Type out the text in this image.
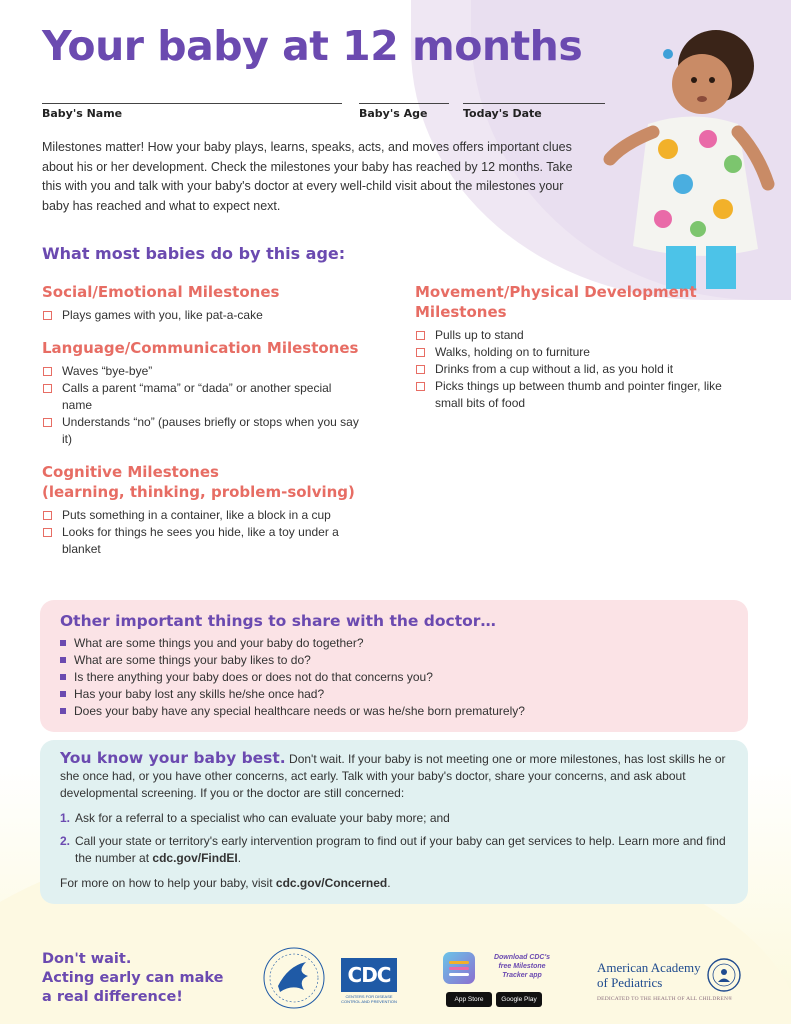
Your baby at 12 months
Baby's Name	Baby's Age	Today's Date

Milestones matter! How your baby plays, learns, speaks, acts, and moves offers important clues about his or her development. Check the milestones your baby has reached by 12 months. Take this with you and talk with your baby's doctor at every well-child visit about the milestones your baby has reached and what to expect next.

What most babies do by this age:
Social/Emotional Milestones
Plays games with you, like pat-a-cake
Language/Communication Milestones
Waves “bye-bye”
Calls a parent “mama” or “dada” or another special name
Understands “no” (pauses briefly or stops when you say it)
Cognitive Milestones
(learning, thinking, problem-solving)
Puts something in a container, like a block in a cup
Looks for things he sees you hide, like a toy under a blanket
Movement/Physical Development
Milestones
Pulls up to stand
Walks, holding on to furniture
Drinks from a cup without a lid, as you hold it
Picks things up between thumb and pointer finger, like small bits of food
Other important things to share with the doctor…
What are some things you and your baby do together?
What are some things your baby likes to do?
Is there anything your baby does or does not do that concerns you?
Has your baby lost any skills he/she once had?
Does your baby have any special healthcare needs or was he/she born prematurely?
You know your baby best. Don't wait. If your baby is not meeting one or more milestones, has lost skills he or she once had, or you have other concerns, act early. Talk with your baby's doctor, share your concerns, and ask about developmental screening. If you or the doctor are still concerned:
1. Ask for a referral to a specialist who can evaluate your baby more; and
2. Call your state or territory's early intervention program to find out if your baby can get services to help. Learn more and find the number at cdc.gov/FindEI.
For more on how to help your baby, visit cdc.gov/Concerned.
Don't wait.
Acting early can make
a real difference!
CDC
CENTERS FOR DISEASE CONTROL AND PREVENTION
Download CDC's
free Milestone
Tracker app
App Store	Google Play
American Academy
of Pediatrics
DEDICATED TO THE HEALTH OF ALL CHILDREN®
